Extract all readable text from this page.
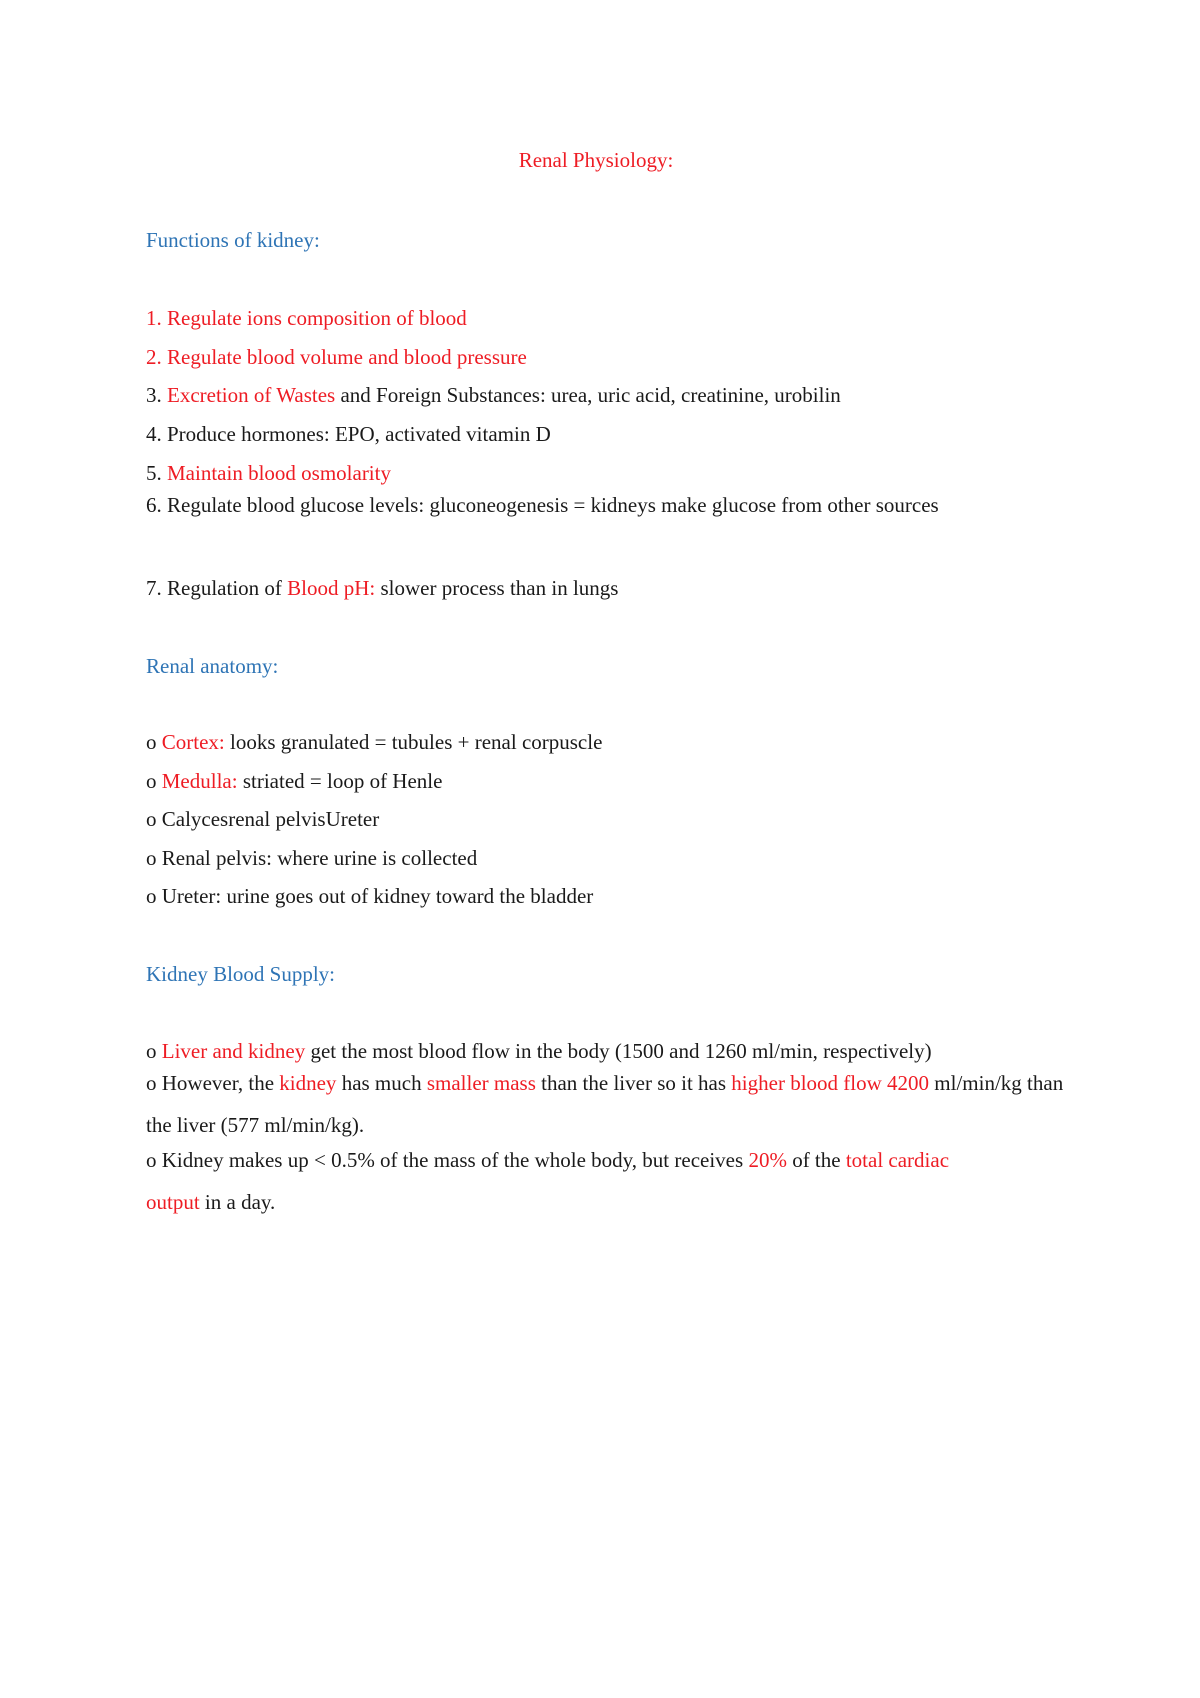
Renal Physiology:
Functions of kidney:
1. Regulate ions composition of blood
2. Regulate blood volume and blood pressure
3. Excretion of Wastes and Foreign Substances: urea, uric acid, creatinine, urobilin
4. Produce hormones: EPO, activated vitamin D
5. Maintain blood osmolarity
6. Regulate blood glucose levels: gluconeogenesis = kidneys make glucose from other sources
7. Regulation of Blood pH: slower process than in lungs
Renal anatomy:
o Cortex: looks granulated = tubules + renal corpuscle
o Medulla: striated = loop of Henle
o Calycesrenal pelvisUreter
o Renal pelvis: where urine is collected
o Ureter: urine goes out of kidney toward the bladder
Kidney Blood Supply:
o Liver and kidney get the most blood flow in the body (1500 and 1260 ml/min, respectively)
o However, the kidney has much smaller mass than the liver so it has higher blood flow 4200 ml/min/kg than the liver (577 ml/min/kg).
o Kidney makes up < 0.5% of the mass of the whole body, but receives 20% of the total cardiac output in a day.
